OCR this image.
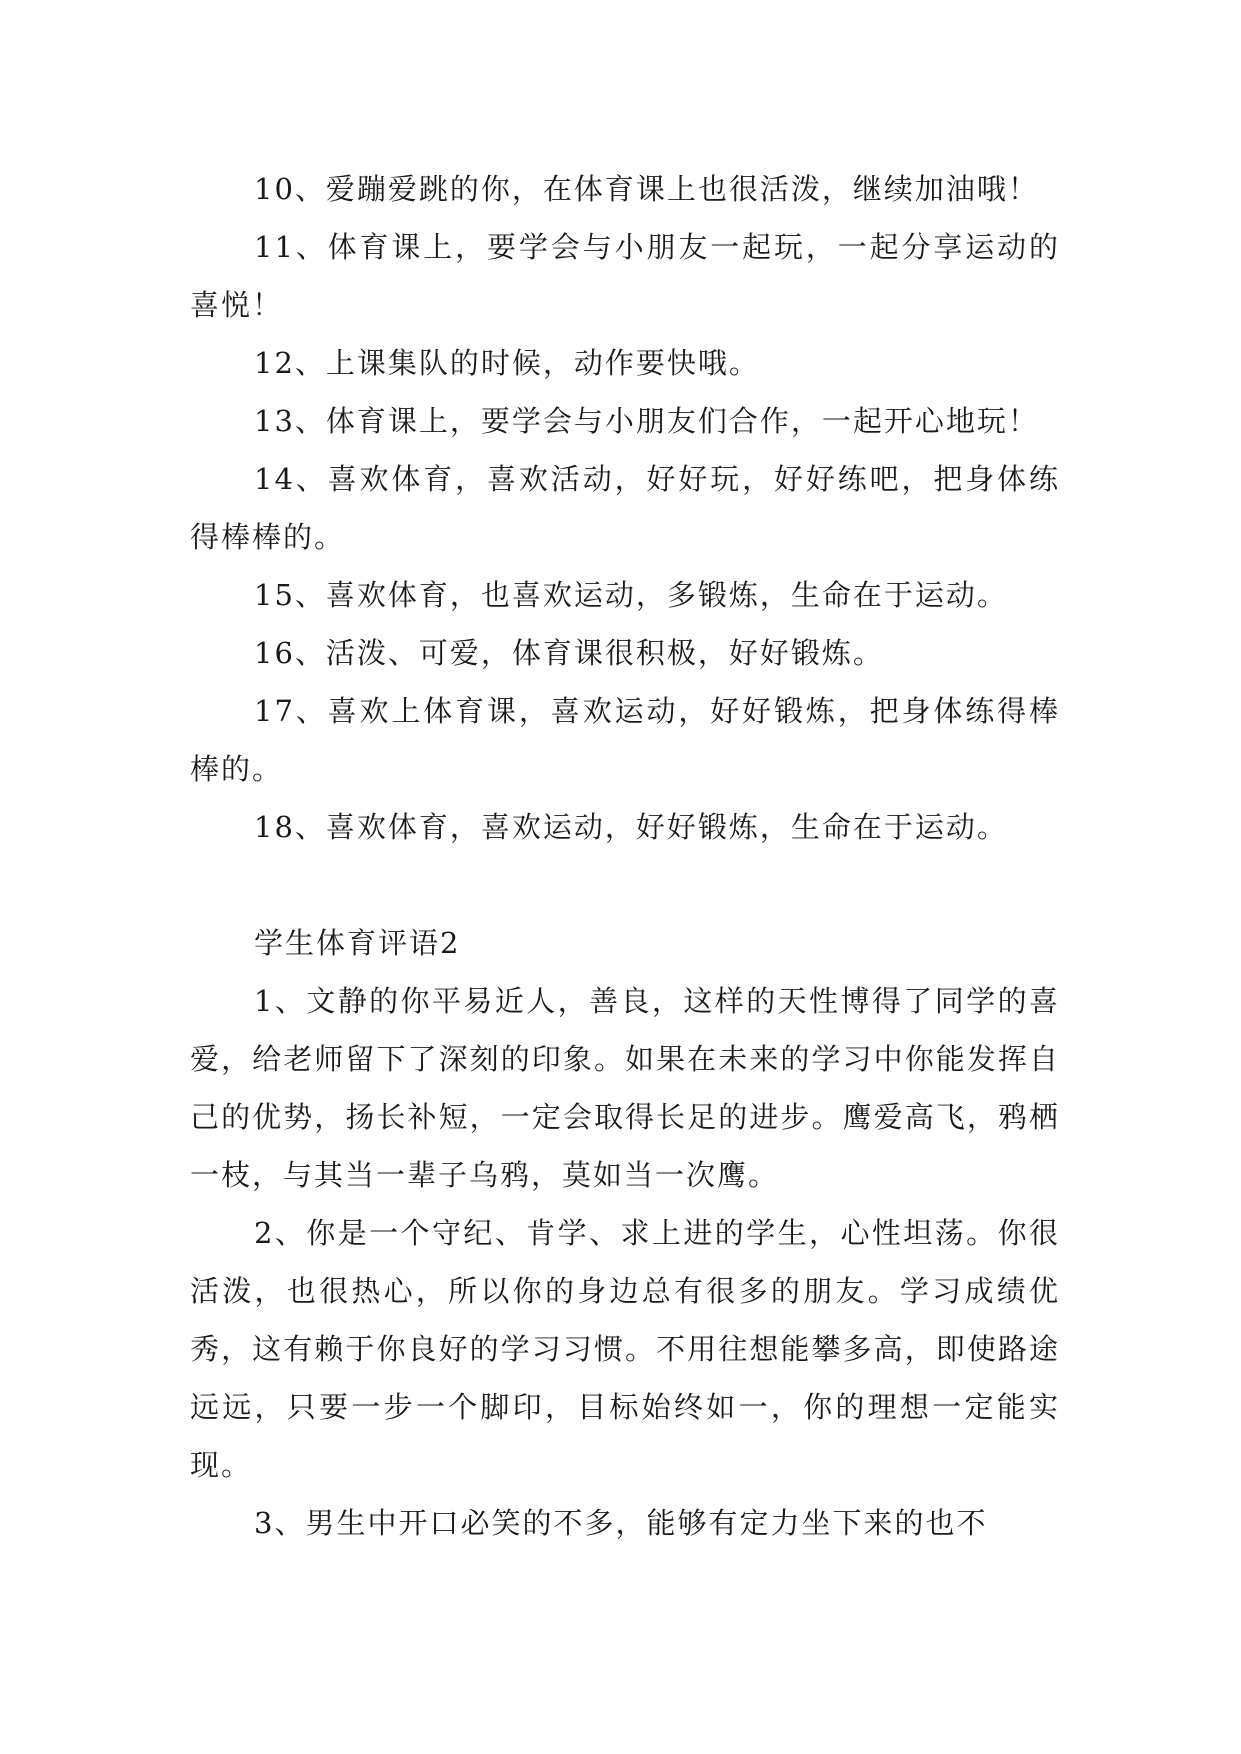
10、爱蹦爱跳的你，在体育课上也很活泼，继续加油哦！

11、体育课上，要学会与小朋友一起玩，一起分享运动的喜悦！

12、上课集队的时候，动作要快哦。

13、体育课上，要学会与小朋友们合作，一起开心地玩！

14、喜欢体育，喜欢活动，好好玩，好好练吧，把身体练得棒棒的。

15、喜欢体育，也喜欢运动，多锻炼，生命在于运动。

16、活泼、可爱，体育课很积极，好好锻炼。

17、喜欢上体育课，喜欢运动，好好锻炼，把身体练得棒棒的。

18、喜欢体育，喜欢运动，好好锻炼，生命在于运动。

学生体育评语2

1、文静的你平易近人，善良，这样的天性博得了同学的喜爱，给老师留下了深刻的印象。如果在未来的学习中你能发挥自己的优势，扬长补短，一定会取得长足的进步。鹰爱高飞，鸦栖一枝，与其当一辈子乌鸦，莫如当一次鹰。

2、你是一个守纪、肯学、求上进的学生，心性坦荡。你很活泼，也很热心，所以你的身边总有很多的朋友。学习成绩优秀，这有赖于你良好的学习习惯。不用往想能攀多高，即使路途远远，只要一步一个脚印，目标始终如一，你的理想一定能实现。

3、男生中开口必笑的不多，能够有定力坐下来的也不
